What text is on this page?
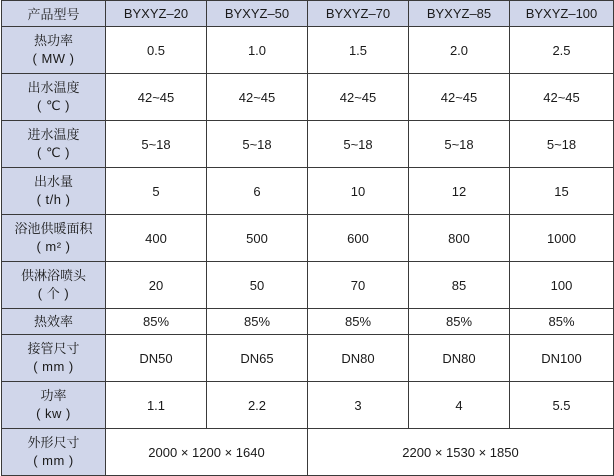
产品型号	BYXYZ–20	BYXYZ–50	BYXYZ–70	BYXYZ–85	BYXYZ–100

热功率
( MW )	0.5	1.0	1.5	2.0	2.5

出水温度
( ℃ )	42~45	42~45	42~45	42~45	42~45

进水温度
( ℃ )	5~18	5~18	5~18	5~18	5~18

出水量
( t/h )	5	6	10	12	15

浴池供暖面积
( m² )	400	500	600	800	1000

供淋浴喷头
( 个 )	20	50	70	85	100

热效率	85%	85%	85%	85%	85%

接管尺寸
( mm )	DN50	DN65	DN80	DN80	DN100

功率
( kw )	1.1	2.2	3	4	5.5

外形尺寸
( mm )	2000 × 1200 × 1640		2200 × 1530 × 1850		
